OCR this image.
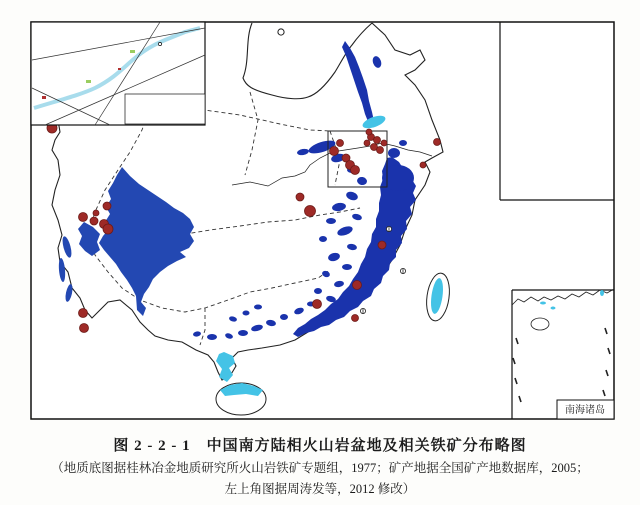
南海诸岛
图 2 - 2 - 1　中国南方陆相火山岩盆地及相关铁矿分布略图
（地质底图据桂林冶金地质研究所火山岩铁矿专题组，1977；矿产地据全国矿产地数据库，2005；
左上角图据周涛发等，2012 修改）
